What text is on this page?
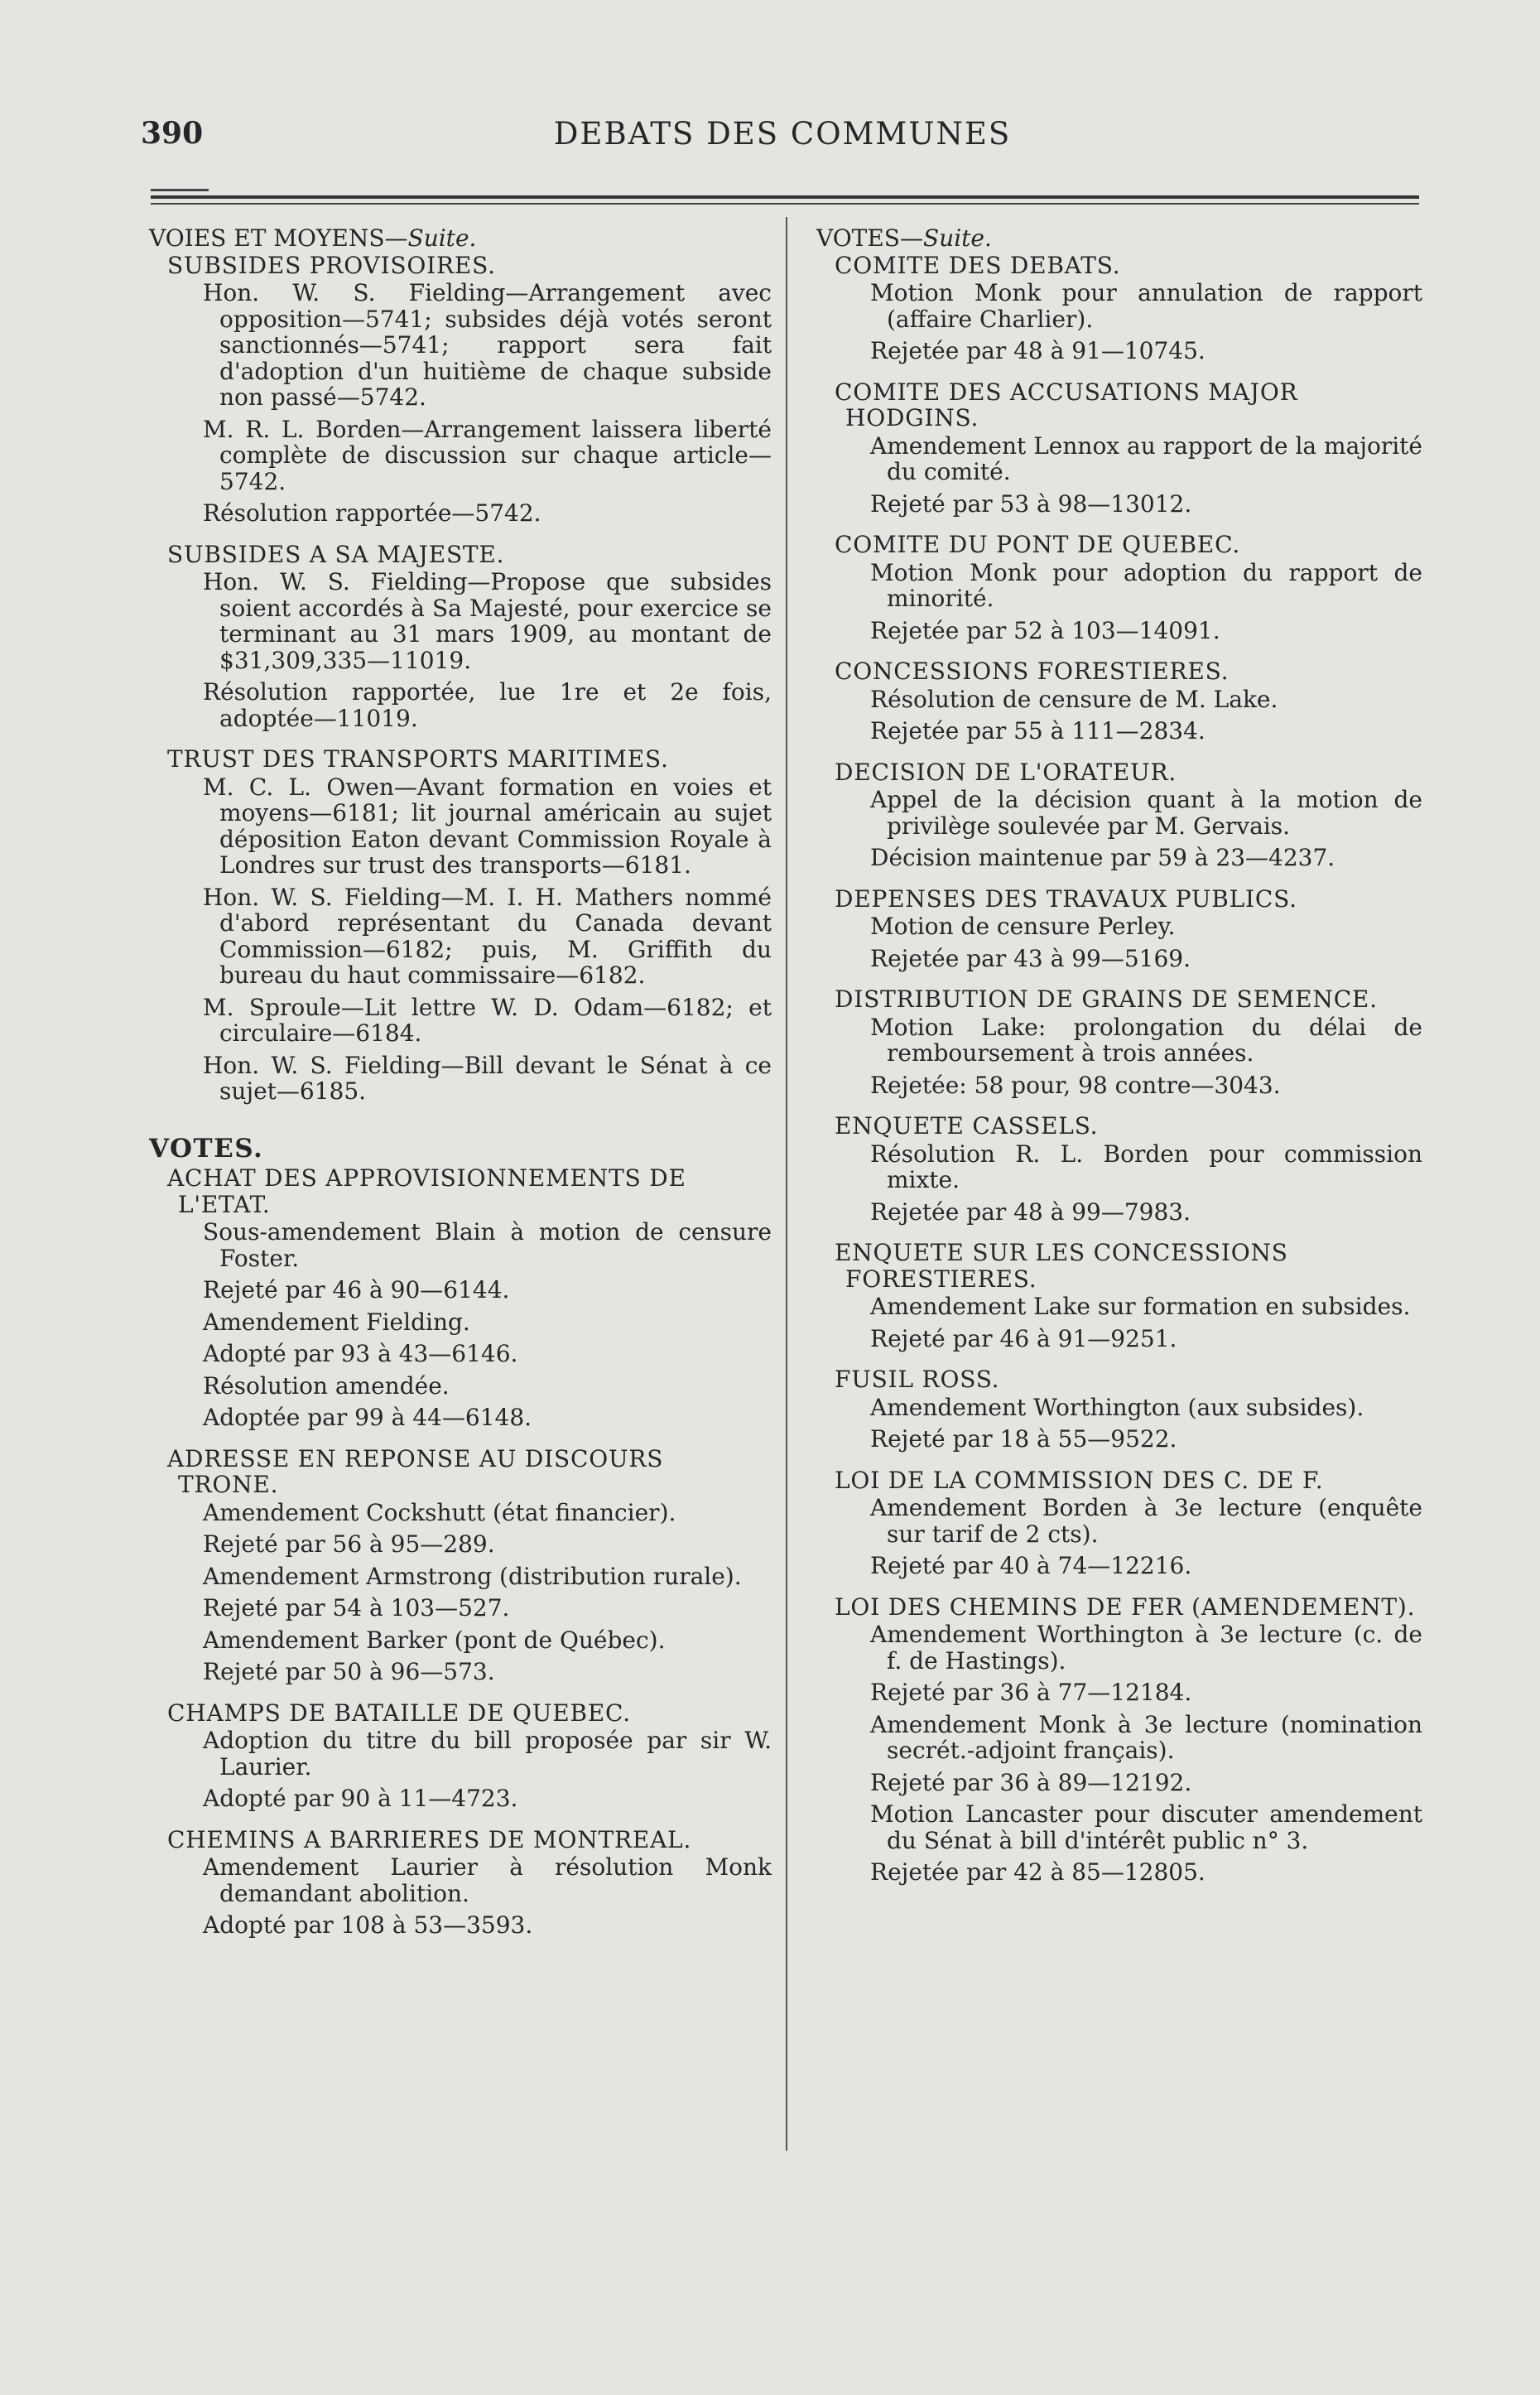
390	DEBATS DES COMMUNES
VOIES ET MOYENS—Suite.
SUBSIDES PROVISOIRES.
Hon. W. S. Fielding—Arrangement avec opposition—5741; subsides déjà votés seront sanctionnés—5741; rapport sera fait d'adoption d'un huitième de chaque subside non passé—5742.
M. R. L. Borden—Arrangement laissera liberté complète de discussion sur chaque article—5742.
Résolution rapportée—5742.
SUBSIDES A SA MAJESTE.
Hon. W. S. Fielding—Propose que subsides soient accordés à Sa Majesté, pour exercice se terminant au 31 mars 1909, au montant de $31,309,335—11019.
Résolution rapportée, lue 1re et 2e fois, adoptée—11019.
TRUST DES TRANSPORTS MARITIMES.
M. C. L. Owen—Avant formation en voies et moyens—6181; lit journal américain au sujet déposition Eaton devant Commission Royale à Londres sur trust des transports—6181.
Hon. W. S. Fielding—M. I. H. Mathers nommé d'abord représentant du Canada devant Commission—6182; puis, M. Griffith du bureau du haut commissaire—6182.
M. Sproule—Lit lettre W. D. Odam—6182; et circulaire—6184.
Hon. W. S. Fielding—Bill devant le Sénat à ce sujet—6185.
VOTES.
ACHAT DES APPROVISIONNEMENTS DE L'ETAT.
Sous-amendement Blain à motion de censure Foster.
Rejeté par 46 à 90—6144.
Amendement Fielding.
Adopté par 93 à 43—6146.
Résolution amendée.
Adoptée par 99 à 44—6148.
ADRESSE EN REPONSE AU DISCOURS TRONE.
Amendement Cockshutt (état financier).
Rejeté par 56 à 95—289.
Amendement Armstrong (distribution rurale).
Rejeté par 54 à 103—527.
Amendement Barker (pont de Québec).
Rejeté par 50 à 96—573.
CHAMPS DE BATAILLE DE QUEBEC.
Adoption du titre du bill proposée par sir W. Laurier.
Adopté par 90 à 11—4723.
CHEMINS A BARRIERES DE MONTREAL.
Amendement Laurier à résolution Monk demandant abolition.
Adopté par 108 à 53—3593.
VOTES—Suite.
COMITE DES DEBATS.
Motion Monk pour annulation de rapport (affaire Charlier).
Rejetée par 48 à 91—10745.
COMITE DES ACCUSATIONS MAJOR HODGINS.
Amendement Lennox au rapport de la majorité du comité.
Rejeté par 53 à 98—13012.
COMITE DU PONT DE QUEBEC.
Motion Monk pour adoption du rapport de minorité.
Rejetée par 52 à 103—14091.
CONCESSIONS FORESTIERES.
Résolution de censure de M. Lake.
Rejetée par 55 à 111—2834.
DECISION DE L'ORATEUR.
Appel de la décision quant à la motion de privilège soulevée par M. Gervais.
Décision maintenue par 59 à 23—4237.
DEPENSES DES TRAVAUX PUBLICS.
Motion de censure Perley.
Rejetée par 43 à 99—5169.
DISTRIBUTION DE GRAINS DE SEMENCE.
Motion Lake: prolongation du délai de remboursement à trois années.
Rejetée: 58 pour, 98 contre—3043.
ENQUETE CASSELS.
Résolution R. L. Borden pour commission mixte.
Rejetée par 48 à 99—7983.
ENQUETE SUR LES CONCESSIONS FORESTIERES.
Amendement Lake sur formation en subsides.
Rejeté par 46 à 91—9251.
FUSIL ROSS.
Amendement Worthington (aux subsides).
Rejeté par 18 à 55—9522.
LOI DE LA COMMISSION DES C. DE F.
Amendement Borden à 3e lecture (enquête sur tarif de 2 cts).
Rejeté par 40 à 74—12216.
LOI DES CHEMINS DE FER (AMENDEMENT).
Amendement Worthington à 3e lecture (c. de f. de Hastings).
Rejeté par 36 à 77—12184.
Amendement Monk à 3e lecture (nomination secrét.-adjoint français).
Rejeté par 36 à 89—12192.
Motion Lancaster pour discuter amendement du Sénat à bill d'intérêt public n° 3.
Rejetée par 42 à 85—12805.
